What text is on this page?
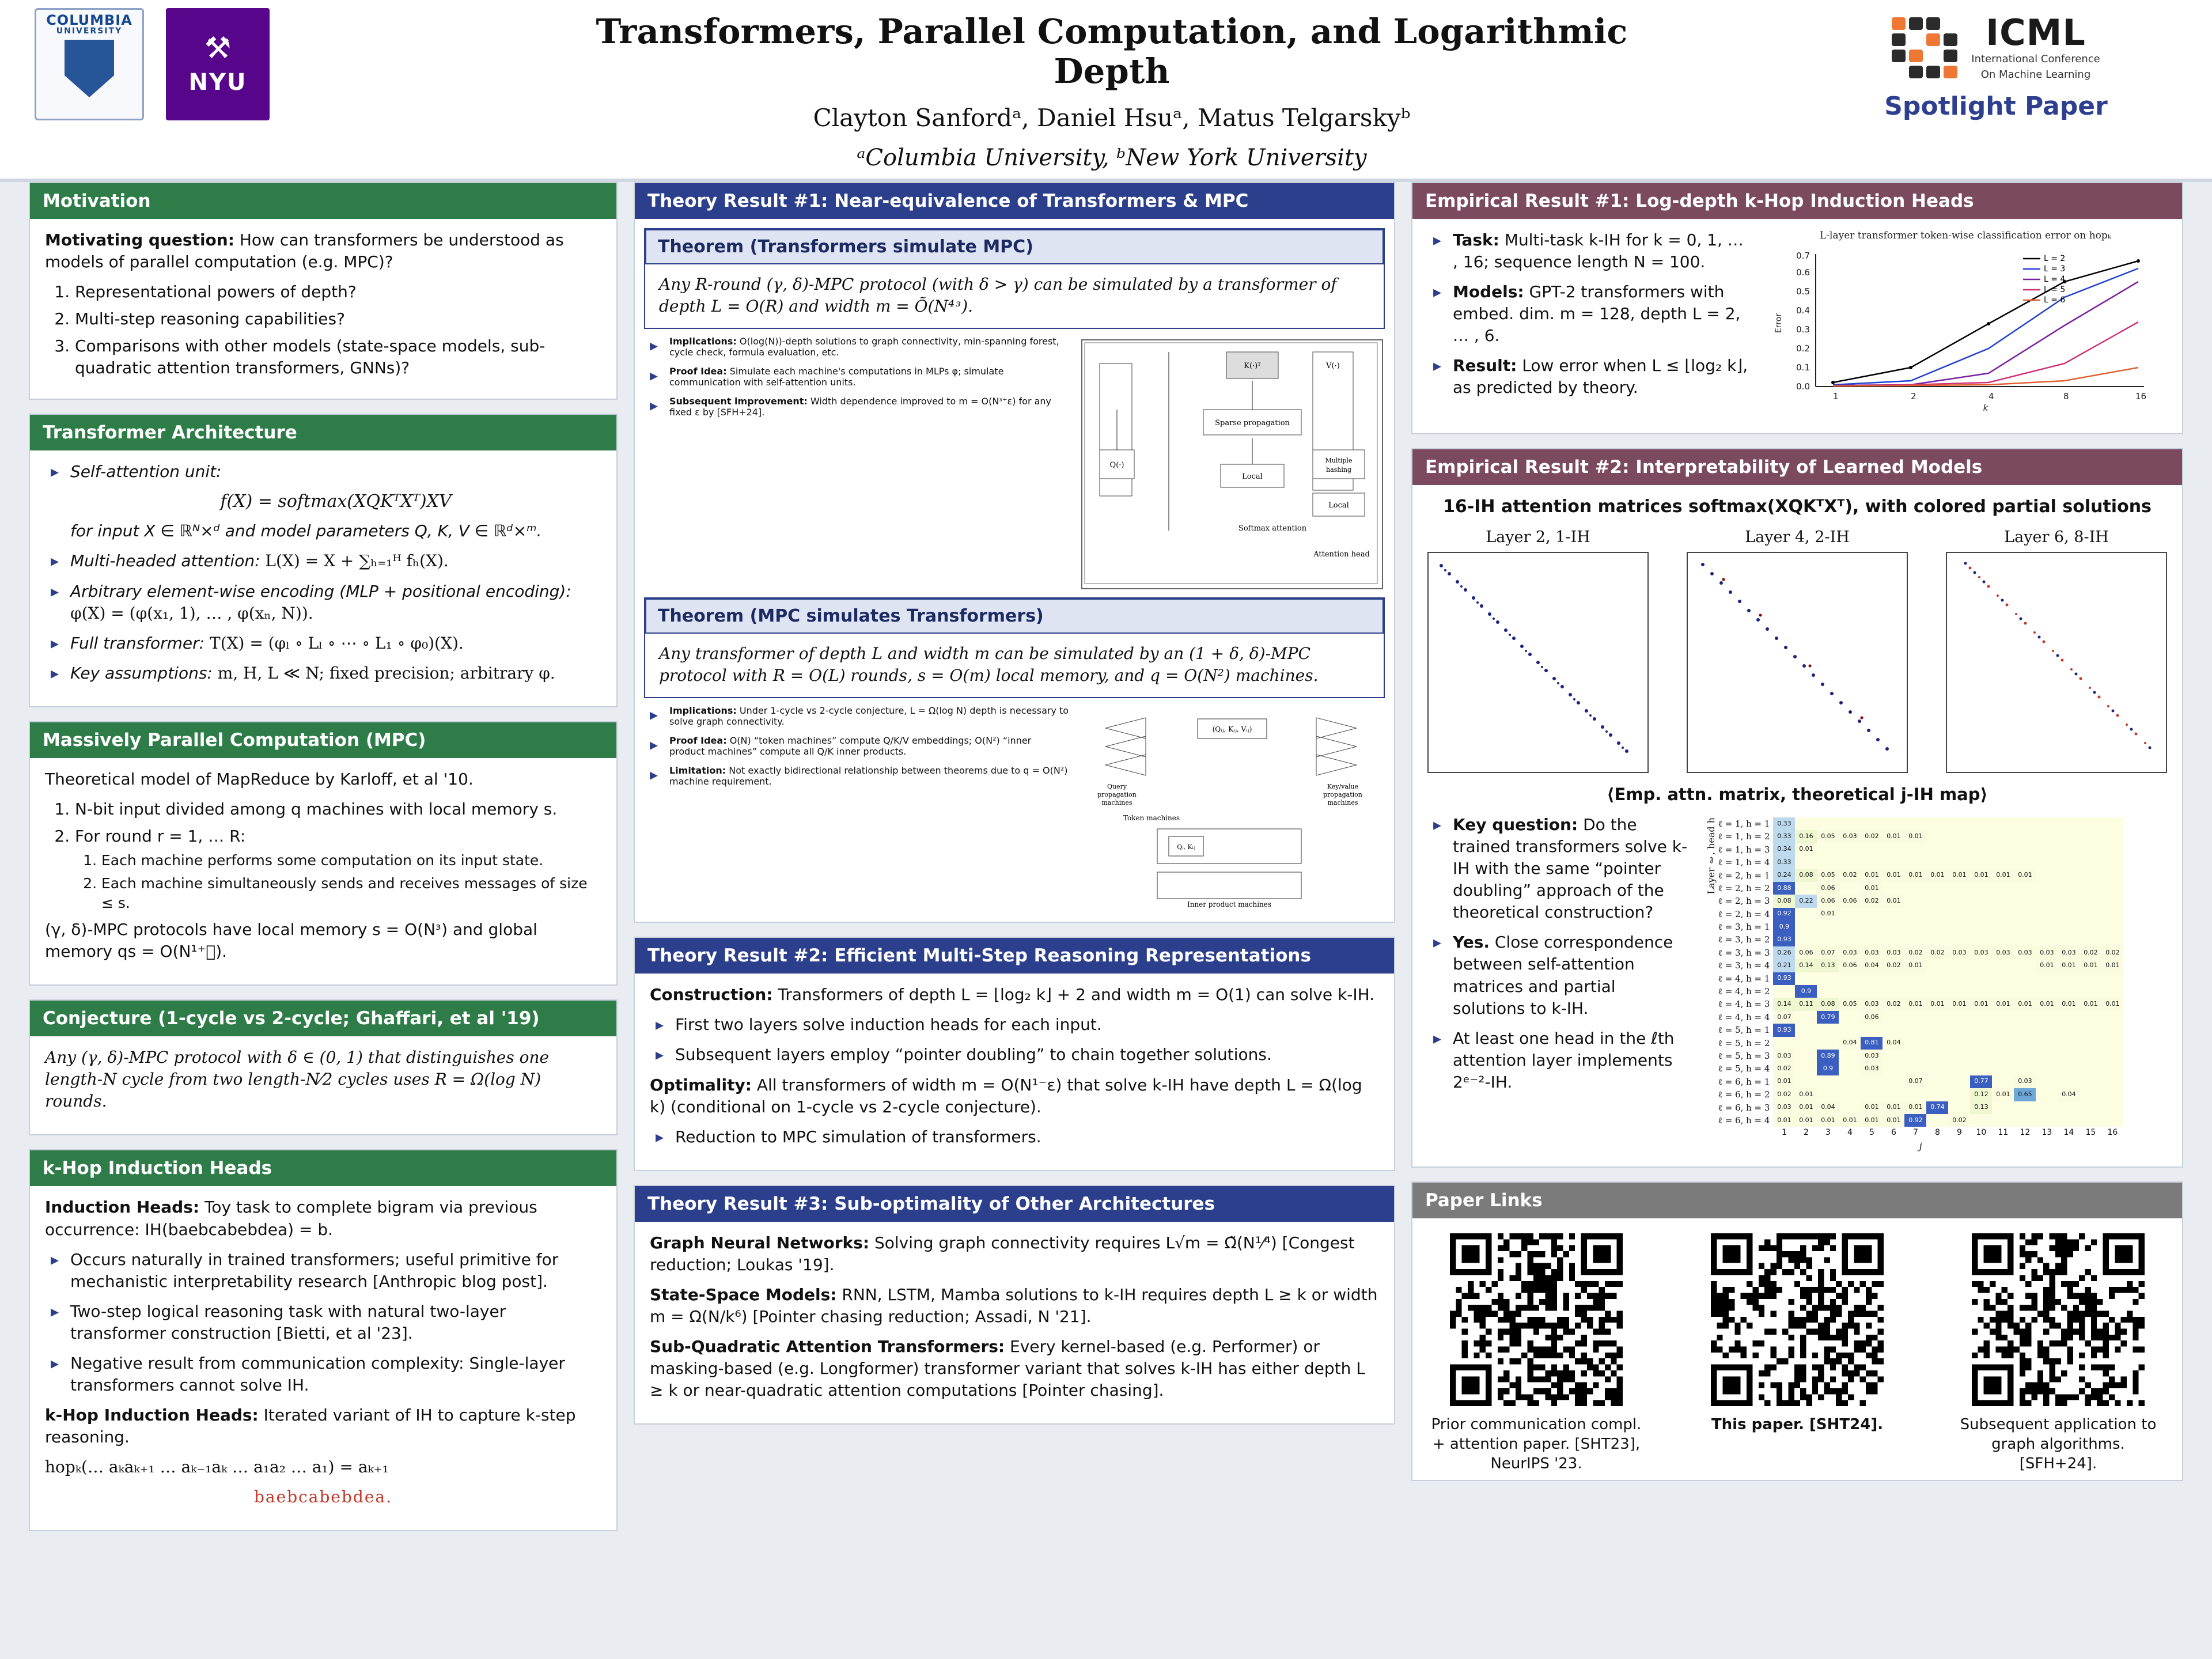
COLUMBIA
UNIVERSITY	⚒
NYU
Transformers, Parallel Computation, and Logarithmic Depth
Clayton Sanfordᵃ, Daniel Hsuᵃ, Matus Telgarskyᵇ
ᵃColumbia University, ᵇNew York University
ICML
International Conference
On Machine Learning
Spotlight Paper
Motivation

Motivating question: How can transformers be understood as models of parallel computation (e.g. MPC)?

1. Representational powers of depth?
2. Multi-step reasoning capabilities?
3. Comparisons with other models (state-space models, sub-quadratic attention transformers, GNNs)?
Transformer Architecture
▸ Self-attention unit:
f(X) = softmax(XQKᵀXᵀ)XV
for input X ∈ ℝᴺ×ᵈ and model parameters Q, K, V ∈ ℝᵈ×ᵐ.
▸ Multi-headed attention: L(X) = X + ∑ₕ₌₁ᴴ fₕ(X).
▸ Arbitrary element-wise encoding (MLP + positional encoding): φ(X) = (φ(x₁, 1), … , φ(xₙ, N)).
▸ Full transformer: T(X) = (φₗ ∘ Lₗ ∘ ⋯ ∘ L₁ ∘ φ₀)(X).
▸ Key assumptions: m, H, L ≪ N; fixed precision; arbitrary φ.
Massively Parallel Computation (MPC)

Theoretical model of MapReduce by Karloff, et al '10.

1. N-bit input divided among q machines with local memory s.
2. For round r = 1, … R:
1. Each machine performs some computation on its input state.
2. Each machine simultaneously sends and receives messages of size ≤ s.

(γ, δ)-MPC protocols have local memory s = O(Nᶟ) and global memory qs = O(N¹⁺᷾).

Conjecture (1-cycle vs 2-cycle; Ghaffari, et al '19)

Any (γ, δ)-MPC protocol with δ ∈ (0, 1) that distinguishes one length-N cycle from two length-N⁄2 cycles uses R = Ω(log N) rounds.

k-Hop Induction Heads

Induction Heads: Toy task to complete bigram via previous occurrence: IH(baebcabebdea) = b.

▸ Occurs naturally in trained transformers; useful primitive for mechanistic interpretability research [Anthropic blog post].
▸ Two-step logical reasoning task with natural two-layer transformer construction [Bietti, et al '23].
▸ Negative result from communication complexity: Single-layer transformers cannot solve IH.

k-Hop Induction Heads: Iterated variant of IH to capture k-step reasoning.

hopₖ(… aₖaₖ₊₁ … aₖ₋₁aₖ … a₁a₂ … a₁) = aₖ₊₁

baebcabebdea.

Theory Result #1: Near-equivalence of Transformers & MPC
Theorem (Transformers simulate MPC)
Any R-round (γ, δ)-MPC protocol (with δ > γ) can be simulated by a transformer of depth L = O(R) and width m = Õ(N⁴ᶟ).
▸ Implications: O(log(N))-depth solutions to graph connectivity, min-spanning forest, cycle check, formula evaluation, etc.
▸ Proof Idea: Simulate each machine's computations in MLPs φ; simulate communication with self-attention units.
▸ Subsequent improvement: Width dependence improved to m = O(Nᶟ⁺ε) for any fixed ε by [SFH+24].
K(·)ᵀ	V(·)
Sparse propagation
Q(·)
Local
Multiple
hashing
Local
Softmax attention
Attention head
Theorem (MPC simulates Transformers)
Any transformer of depth L and width m can be simulated by an (1 + δ, δ)-MPC protocol with R = O(L) rounds, s = O(m) local memory, and q = O(N²) machines.
▸ Implications: Under 1-cycle vs 2-cycle conjecture, L = Ω(log N) depth is necessary to solve graph connectivity.
▸ Proof Idea: O(N) “token machines” compute Q/K/V embeddings; O(N²) “inner product machines” compute all Q/K inner products.
▸ Limitation: Not exactly bidirectional relationship between theorems due to q = O(N²) machine requirement.
(Qᵢⱼ, Kᵢⱼ, Vᵢⱼ)
Query
propagation
machines
Key/value
propagation
machines
Token machines
Qᵢ, Kᵢⱼ
Inner product machines
Theory Result #2: Efficient Multi-Step Reasoning Representations

Construction: Transformers of depth L = ⌊log₂ k⌋ + 2 and width m = O(1) can solve k-IH.

▸ First two layers solve induction heads for each input.
▸ Subsequent layers employ “pointer doubling” to chain together solutions.

Optimality: All transformers of width m = O(N¹⁻ε) that solve k-IH have depth L = Ω(log k) (conditional on 1-cycle vs 2-cycle conjecture).

▸ Reduction to MPC simulation of transformers.
Theory Result #3: Sub-optimality of Other Architectures

Graph Neural Networks: Solving graph connectivity requires L√m = Ω̃(N¹⁄⁴) [Congest reduction; Loukas '19].

State-Space Models: RNN, LSTM, Mamba solutions to k-IH requires depth L ≥ k or width m = Ω(N/k⁶) [Pointer chasing reduction; Assadi, N '21].

Sub-Quadratic Attention Transformers: Every kernel-based (e.g. Performer) or masking-based (e.g. Longformer) transformer variant that solves k-IH has either depth L ≥ k or near-quadratic attention computations [Pointer chasing].

Empirical Result #1: Log-depth k-Hop Induction Heads
▸ Task: Multi-task k-IH for k = 0, 1, … , 16; sequence length N = 100.
▸ Models: GPT-2 transformers with embed. dim. m = 128, depth L = 2, … , 6.
▸ Result: Low error when L ≤ ⌊log₂ k⌋, as predicted by theory.
L-layer transformer token-wise classification error on hopₖ
0.0
0.1
0.2
0.3
0.4
0.5
0.6
0.7
1	2	4	8	16
k
Error
L = 2
L = 3
L = 4
L = 5
L = 6
Empirical Result #2: Interpretability of Learned Models

16-IH attention matrices softmax(XQKᵀXᵀ), with colored partial solutions

Layer 2, 1-IH	Layer 4, 2-IH	Layer 6, 8-IH

⟨Emp. attn. matrix, theoretical j-IH map⟩

▸ Key question: Do the trained transformers solve k-IH with the same “pointer doubling” approach of the theoretical construction?
▸ Yes. Close correspondence between self-attention matrices and partial solutions to k-IH.
▸ At least one head in the ℓth attention layer implements 2ᵉ⁻²-IH.
Layer ℓ, head h ℓ = 1, h = 1	0.33															
ℓ = 1, h = 2	0.33	0.16	0.05	0.03	0.02	0.01	0.01									
ℓ = 1, h = 3	0.34	0.01														
ℓ = 1, h = 4	0.33															
ℓ = 2, h = 1	0.24	0.08	0.05	0.02	0.01	0.01	0.01	0.01	0.01	0.01	0.01	0.01				
ℓ = 2, h = 2	0.88		0.06		0.01											
ℓ = 2, h = 3	0.08	0.22	0.06	0.06	0.02	0.01										
ℓ = 2, h = 4	0.92		0.01													
ℓ = 3, h = 1	0.9															
ℓ = 3, h = 2	0.93															
ℓ = 3, h = 3	0.26	0.06	0.07	0.03	0.03	0.03	0.02	0.02	0.03	0.03	0.03	0.03	0.03	0.03	0.02	0.02
ℓ = 3, h = 4	0.21	0.14	0.13	0.06	0.04	0.02	0.01						0.01	0.01	0.01	0.01
ℓ = 4, h = 1	0.93															
ℓ = 4, h = 2		0.9														
ℓ = 4, h = 3	0.14	0.11	0.08	0.05	0.03	0.02	0.01	0.01	0.01	0.01	0.01	0.01	0.01	0.01	0.01	0.01
ℓ = 4, h = 4	0.07		0.79		0.06											
ℓ = 5, h = 1	0.93															
ℓ = 5, h = 2				0.04	0.81	0.04										
ℓ = 5, h = 3	0.03		0.89		0.03											
ℓ = 5, h = 4	0.02		0.9		0.03											
ℓ = 6, h = 1	0.01						0.07			0.77		0.03				
ℓ = 6, h = 2	0.02	0.01								0.12	0.01	0.65		0.04		
ℓ = 6, h = 3	0.03	0.01	0.04		0.01	0.01	0.01	0.74		0.13						
ℓ = 6, h = 4	0.01	0.01	0.01	0.01	0.01	0.01	0.92		0.02							
	1	2	3	4	5	6	7	8	9	10	11	12	13	14	15	16
j
Paper Links
Prior communication compl. + attention paper. [SHT23], NeurIPS '23.
This paper. [SHT24].	Subsequent application to graph algorithms. [SFH+24].
